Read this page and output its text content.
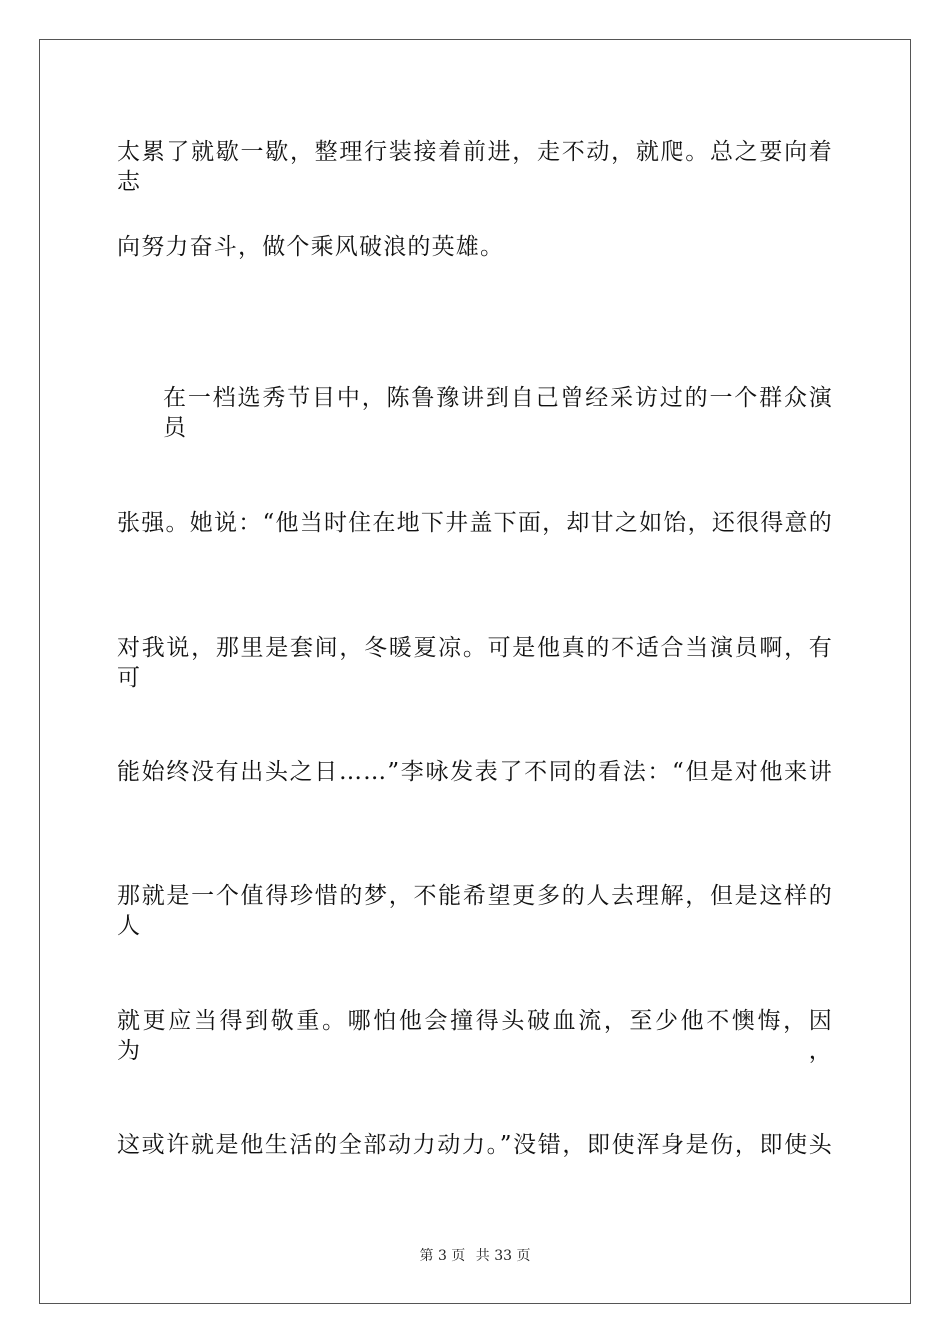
太累了就歇一歇，整理行装接着前进，走不动，就爬。总之要向着志
向努力奋斗，做个乘风破浪的英雄。
在一档选秀节目中，陈鲁豫讲到自己曾经采访过的一个群众演员
张强。她说：“他当时住在地下井盖下面，却甘之如饴，还很得意的
对我说，那里是套间，冬暖夏凉。可是他真的不适合当演员啊，有可
能始终没有出头之日……”李咏发表了不同的看法：“但是对他来讲
那就是一个值得珍惜的梦，不能希望更多的人去理解，但是这样的人
就更应当得到敬重。哪怕他会撞得头破血流，至少他不懊悔，因为，
这或许就是他生活的全部动力动力。”没错，即使浑身是伤，即使头
第 3 页 共 33 页
